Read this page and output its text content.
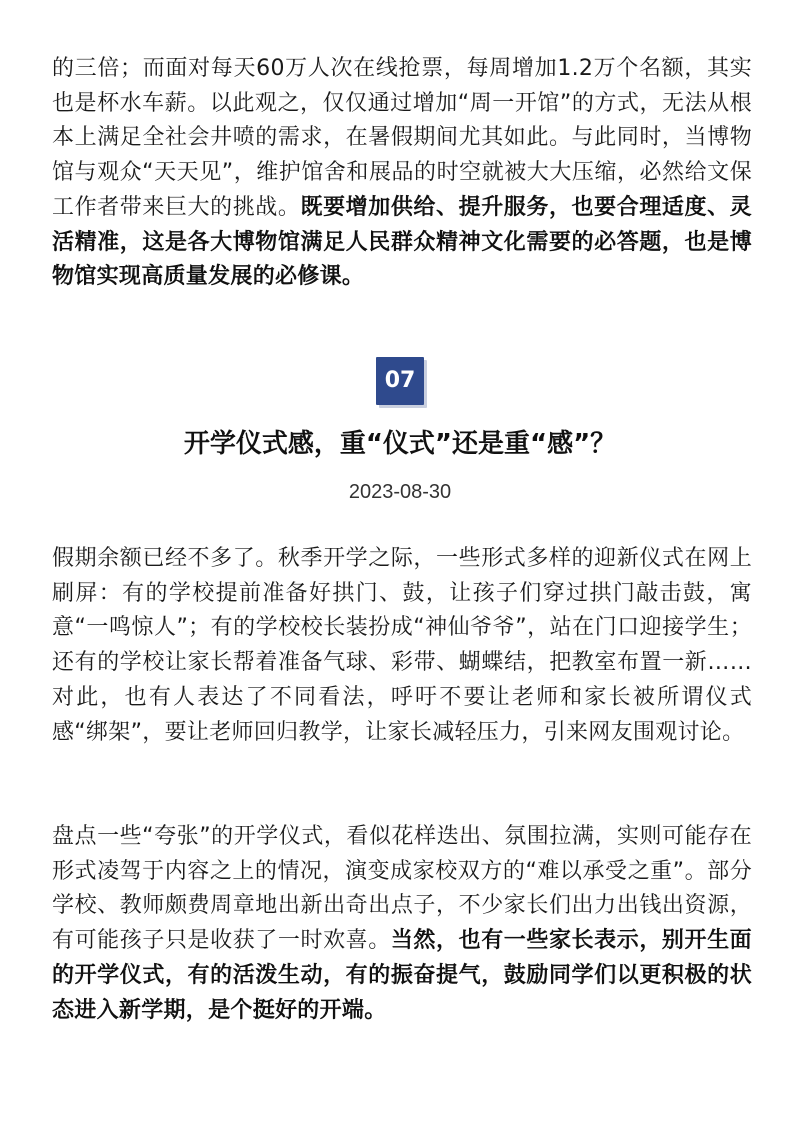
的三倍；而面对每天60万人次在线抢票，每周增加1.2万个名额，其实也是杯水车薪。以此观之，仅仅通过增加“周一开馆”的方式，无法从根本上满足全社会井喷的需求，在暑假期间尤其如此。与此同时，当博物馆与观众“天天见”，维护馆舍和展品的时空就被大大压缩，必然给文保工作者带来巨大的挑战。既要增加供给、提升服务，也要合理适度、灵活精准，这是各大博物馆满足人民群众精神文化需要的必答题，也是博物馆实现高质量发展的必修课。

07
开学仪式感，重“仪式”还是重“感”？
2023-08-30

假期余额已经不多了。秋季开学之际，一些形式多样的迎新仪式在网上刷屏：有的学校提前准备好拱门、鼓，让孩子们穿过拱门敲击鼓，寓意“一鸣惊人”；有的学校校长装扮成“神仙爷爷”，站在门口迎接学生；还有的学校让家长帮着准备气球、彩带、蝴蝶结，把教室布置一新……对此，也有人表达了不同看法，呼吁不要让老师和家长被所谓仪式感“绑架”，要让老师回归教学，让家长减轻压力，引来网友围观讨论。

盘点一些“夸张”的开学仪式，看似花样迭出、氛围拉满，实则可能存在形式凌驾于内容之上的情况，演变成家校双方的“难以承受之重”。部分学校、教师颇费周章地出新出奇出点子，不少家长们出力出钱出资源，有可能孩子只是收获了一时欢喜。当然，也有一些家长表示，别开生面的开学仪式，有的活泼生动，有的振奋提气，鼓励同学们以更积极的状态进入新学期，是个挺好的开端。
